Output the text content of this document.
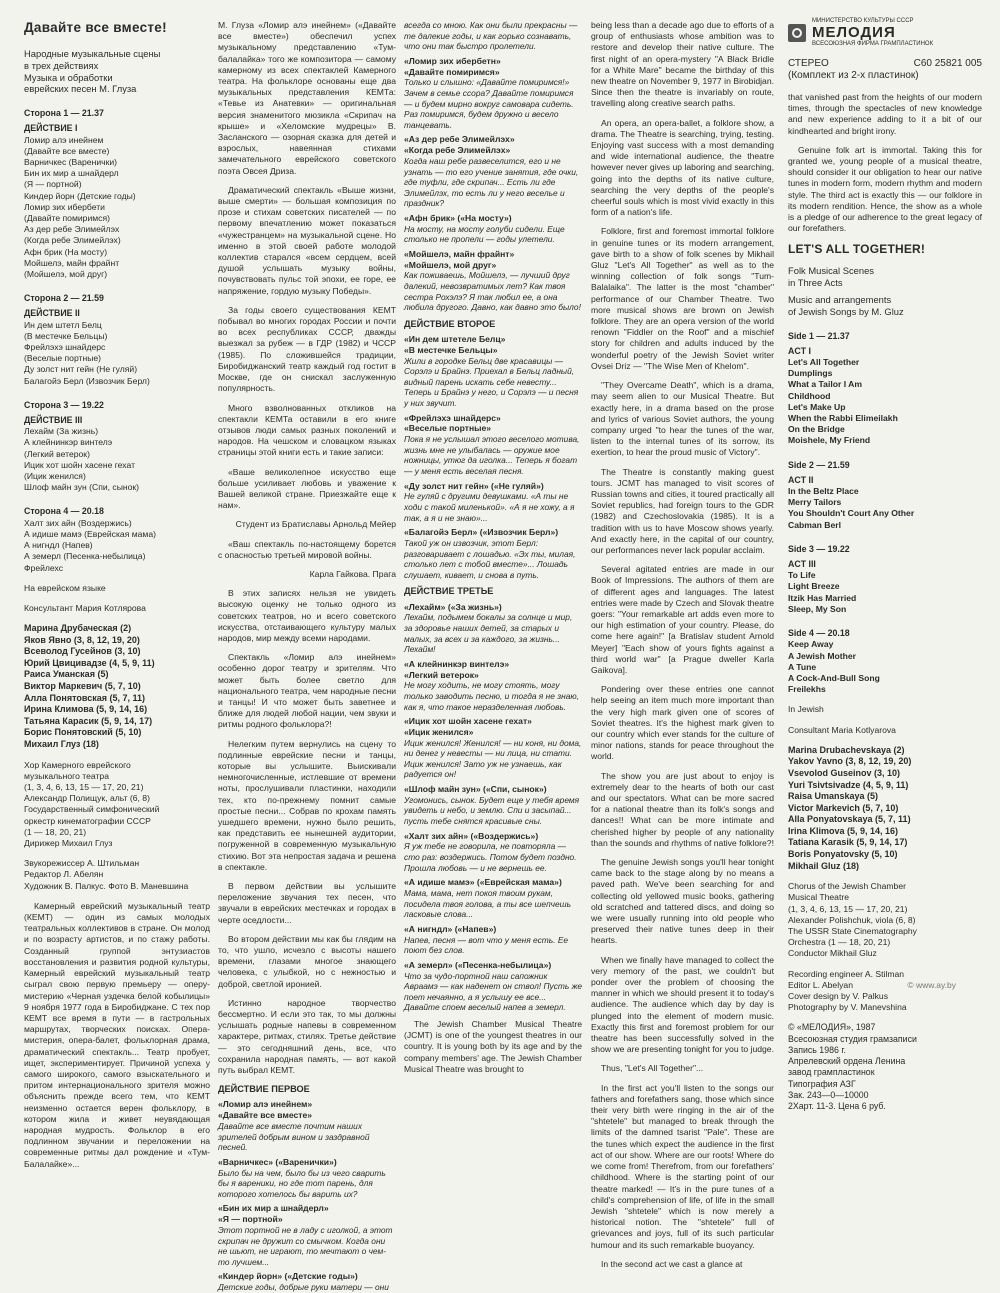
Давайте все вместе!
Народные музыкальные сцены
в трех действиях
Музыка и обработки
еврейских песен М. Глуза
Сторона 1 — 21.37
ДЕЙСТВИЕ I
Ломир алэ инейнем
(Давайте все вместе)
Варничкес (Варенички)
Бин их мир а шнайдерл
(Я — портной)
Киндер йорн (Детские годы)
Ломир зих ибербети
(Давайте помиримся)
Аз дер ребе Элимейлэх
(Когда ребе Элимейлэх)
Афн брик (На мосту)
Мойшелэ, майн фрайнт
(Мойшелэ, мой друг)
Сторона 2 — 21.59
ДЕЙСТВИЕ II
Ин дем штетл Белц
(В местечке Бельцы)
Фрейлэхэ шнайдерс
(Веселые портные)
Ду золст нит гейн (Не гуляй)
Балагойэ Берл (Извозчик Берл)
Сторона 3 — 19.22
ДЕЙСТВИЕ III
Лехайм (За жизнь)
А клейнинкэр винтелэ
(Легкий ветерок)
Ицик хот шойн хасене гехат
(Ицик женился)
Шлоф майн зун (Спи, сынок)
Сторона 4 — 20.18
Халт зих айн (Воздержись)
А идише мамэ (Еврейская мама)
А нигндл (Напев)
А земерл (Песенка-небылица)
Фрейлехс
На еврейском языке
Консультант Мария Котлярова
Марина Друбаческая (2)
Яков Явно (3, 8, 12, 19, 20)
Всеволод Гусейнов (3, 10)
Юрий Цвицивадзе (4, 5, 9, 11)
Раиса Уманская (5)
Виктор Маркевич (5, 7, 10)
Алла Понятовская (5, 7, 11)
Ирина Климова (5, 9, 14, 16)
Татьяна Карасик (5, 9, 14, 17)
Борис Понятовский (5, 10)
Михаил Глуз (18)
Хор Камерного еврейского
музыкального театра
(1, 3, 4, 6, 13, 15 — 17, 20, 21)
Александр Полищук, альт (6, 8)
Государственный симфонический
оркестр кинематографии СССР
(1 — 18, 20, 21)
Дирижер Михаил Глуз
Звукорежиссер А. Штильман
Редактор Л. Абелян
Художник В. Палкус. Фото В. Маневшина
Камерный еврейский музыкальный театр (КЕМТ) — один из самых молодых театральных коллективов в стране. Он молод и по возрасту артистов, и по стажу работы. Созданный группой энтузиастов восстановления и развития родной культуры, Камерный еврейский музыкальный театр сыграл свою первую премьеру — оперу-мистерию «Черная уздечка белой кобылицы» 9 ноября 1977 года в Биробиджане. С тех пор КЕМТ все время в пути — в гастрольных маршрутах, творческих поисках. Опера-мистерия, опера-балет, фольклорная драма, драматический спектакль... Театр пробует, ищет, экспериментирует. Причиной успеха у самого широкого, самого взыскательного и притом интернационального зрителя можно объяснить прежде всего тем, что КЕМТ неизменно остается верен фольклору, в котором жила и живет неувядающая народная мудрость. Фольклор в его подлинном звучании и переложении на современные ритмы дал рождение и «Тум-Балалайке»...
М. Глуза «Ломир алэ инейнем» («Давайте все вместе») обеспечил успех музыкальному представлению «Тум-балалайка» того же композитора — самому камерному из всех спектаклей Камерного театра. На фольклоре основаны еще два музыкальных представления КЕМТа: «Тевье из Анатевки» — оригинальная версия знаменитого мюзикла «Скрипач на крыше» и «Хеломские мудрецы» В. Засланского — озорная сказка для детей и взрослых, навеянная стихами замечательного еврейского советского поэта Овсея Дриза.
Драматический спектакль «Выше жизни, выше смерти» — большая композиция по прозе и стихам советских писателей — по первому впечатлению может показаться «чужестранцем» на музыкальной сцене. Но именно в этой своей работе молодой коллектив старался «всем сердцем, всей душой услышать музыку войны, почувствовать пульс той эпохи, ее горе, ее напряжение, гордую музыку Победы».
За годы своего существования КЕМТ побывал во многих городах России и почти во всех республиках СССР, дважды выезжал за рубеж — в ГДР (1982) и ЧССР (1985). По сложившейся традиции, Биробиджанский театр каждый год гостит в Москве, где он снискал заслуженную популярность.
Много взволнованных откликов на спектакли КЕМТа оставили в его книге отзывов люди самых разных поколений и народов. На чешском и словацком языках страницы этой книги есть и такие записи:
«Ваше великолепное искусство еще больше усиливает любовь и уважение к Вашей великой стране. Приезжайте еще к нам».
Студент из Братиславы Арнольд Мейер
«Ваш спектакль по-настоящему борется с опасностью третьей мировой войны.
Карла Гайкова. Прага
В этих записях нельзя не увидеть высокую оценку не только одного из советских театров, но и всего советского искусства, отстаивающего культуру малых народов, мир между всеми народами.
Спектакль «Ломир алэ инейнем» особенно дорог театру и зрителям. Что может быть более светло для национального театра, чем народные песни и танцы! И что может быть заветнее и ближе для людей любой нации, чем звуки и ритмы родного фольклора?!
Нелегким путем вернулись на сцену то подлинные еврейские песни и танцы, которые вы услышите. Выискивали немногочисленные, истлевшие от времени ноты, прослушивали пластинки, находили тех, кто по-прежнему помнит самые простые песни... Собрав по крохам память ушедшего времени, нужно было решить, как представить ее нынешней аудитории, погруженной в современную музыкальную стихию. Вот эта непростая задача и решена в спектакле.
В первом действии вы услышите переложение звучания тех песен, что звучали в еврейских местечках и городах в черте оседлости...
Во втором действии мы как бы глядим на то, что ушло, исчезло с высоты нашего времени, глазами многое знающего человека, с улыбкой, но с нежностью и доброй, светлой иронией.
Истинно народное творчество бессмертно. И если это так, то мы должны услышать родные напевы в современном характере, ритмах, стилях. Третье действие — это сегодняшний день, все, что сохранила народная память, — вот какой путь выбрал КЕМТ.
ДЕЙСТВИЕ ПЕРВОЕ
«Ломир алэ инейнем»
«Давайте все вместе»
Давайте все вместе почтим наших зрителей добрым вином и заздравной песней.
«Варничкес» («Варенички»)
Было бы на чем, было бы из чего сварить бы я вареники, но где тот парень, для которого хотелось бы варить их?
«Бин их мир а шнайдерл»
«Я — портной»
Этот портной не в ладу с иголкой, а этот скрипач не дружит со смычком. Когда они не шьют, не играют, то мечтают о чем-то лучшем...
«Киндер йорн» («Детские годы»)
Детские годы, добрые руки матери — они
всегда со мною. Как они были прекрасны — те далекие годы, и как горько сознавать, что они так быстро пролетели.
«Ломир зих ибербетн»
«Давайте помиримся»
Только и слышно: «Давайте помиримся!» Зачем в семье ссора? Давайте помиримся — и будем мирно вокруг самовара сидеть. Раз помиримся, будем дружно и весело танцевать.
«Аз дер ребе Элимейлэх»
«Когда ребе Элимейлэх»
Когда наш ребе развеселится, его и не узнать — то его учение занятия, где очки, где туфли, где скрипач... Есть ли где Элимейлэх, то есть ли у него веселье и праздник?
«Афн брик» («На мосту»)
На мосту, на мосту голуби сидели. Еще столько не пропели — годы улетели.
«Мойшелэ, майн фрайнт»
«Мойшелэ, мой друг»
Как поживаешь, Мойшелэ, — лучший друг далекий, невозвратимых лет? Как твоя сестра Рохэлэ? Я так любил ее, а она любила другого. Давно, как давно это было!
ДЕЙСТВИЕ ВТОРОЕ
«Ин дем штетеле Белц»
«В местечке Бельцы»
Жили в городке Бельц две красавицы — Сорэлэ и Брайнэ. Приехал в Бельц ладный, видный парень искать себе невесту... Теперь и Брайнэ у него, и Сорэлэ — и песня у них звучит.
«Фрейлэхэ шнайдерс»
«Веселые портные»
Пока я не услышал этого веселого мотива, жизнь мне не улыбалась — оружие мое ножницы, утюг да иголка... Теперь я богат — у меня есть веселая песня.
«Ду золст нит гейн» («Не гуляй»)
Не гуляй с другими девушками. «А ты не ходи с такой миленькой». «А я не хожу, а я так, а я и не знаю»...
«Балагойэ Берл» («Извозчик Берл»)
Такой уж он извозчик, этот Берл: разговаривает с лошадью. «Эх ты, милая, столько лет с тобой вместе»... Лошадь слушает, кивает, и снова в путь.
ДЕЙСТВИЕ ТРЕТЬЕ
«Лехайм» («За жизнь»)
Лехайм, подымем бокалы за солнце и мир, за здоровье наших детей, за старых и малых, за всех и за каждого, за жизнь... Лехайм!
«А клейнинкэр винтелэ»
«Легкий ветерок»
Не могу ходить, не могу стоять, могу только заводить песню, и тогда я не знаю, как я, что такое неразделенная любовь.
«Ицик хот шойн хасене гехат»
«Ицик женился»
Ицик женился! Женился! — ни коня, ни дома, ни денег у невесты — ни лица, ни стати. Ицик женился! Зато уж не узнаешь, как радуется он!
«Шлоф майн зун» («Спи, сынок»)
Угомонись, сынок. Будет еще у тебя время увидеть и небо, и землю. Спи и засыпай... пусть тебе снятся красивые сны.
«Халт зих айн» («Воздержись»)
Я уж тебе не говорила, не повторяла — сто раз: воздержись. Потом будет поздно. Прошла любовь — и не вернешь ее.
«А идише мамэ» («Еврейская мама»)
Мама, мама, нет покоя твоим рукам, посидела твоя голова, а ты все шепчешь ласковые слова...
«А нигндл» («Напев»)
Напев, песня — вот что у меня есть. Ее поют без слов.
«А земерл» («Песенка-небылица»)
Что за чудо-портной наш сапожник Авраамэ — как наденет он ствол! Пусть же поет нечаянно, а я услышу ее все... Давайте споем веселый напев а земерл.
The Jewish Chamber Musical Theatre (JCMT) is one of the youngest theatres in our country. It is young both by its age and by the company members' age. The Jewish Chamber Musical Theatre was brought to
being less than a decade ago due to efforts of a group of enthusiasts whose ambition was to restore and develop their native culture. The first night of an opera-mystery "A Black Bridle for a White Mare" became the birthday of this new theatre on November 9, 1977 in Birobidjan. Since then the theatre is invariably on route, travelling along creative search paths.
An opera, an opera-ballet, a folklore show, a drama. The Theatre is searching, trying, testing. Enjoying vast success with a most demanding and wide international audience, the theatre however never gives up laboring and searching, going into the depths of its native culture, searching the very depths of the people's cheerful souls which is most vivid exactly in this form of a nation's life.
Folklore, first and foremost immortal folklore in genuine tunes or its modern arrangement, gave birth to a show of folk scenes by Mikhail Gluz "Let's All Together" as well as to the winning collection of folk songs "Tum-Balalaika". The latter is the most "chamber" performance of our Chamber Theatre. Two more musical shows are brown on Jewish folklore. They are an opera version of the world renown "Fiddler on the Roof" and a mischief story for children and adults induced by the wonderful poetry of the Jewish Soviet writer Ovsei Driz — "The Wise Men of Khelom".
"They Overcame Death", which is a drama, may seem alien to our Musical Theatre. But exactly here, in a drama based on the prose and lyrics of various Soviet authors, the young company urged "to hear the tunes of the war, listen to the internal tunes of its sorrow, its exertion, to hear the proud music of Victory".
The Theatre is constantly making guest tours. JCMT has managed to visit scores of Russian towns and cities, it toured practically all Soviet republics, had foreign tours to the GDR (1982) and Czechoslovakia (1985). It is a tradition with us to have Moscow shows yearly. And exactly here, in the capital of our country, our performances never lack popular acclaim.
Several agitated entries are made in our Book of Impressions. The authors of them are of different ages and languages. The latest entries were made by Czech and Slovak theatre goers: "Your remarkable art adds even more to our high estimation of your country. Please, do come here again!" [a Bratislav student Arnold Meyer] "Each show of yours fights against a third world war" [a Prague dweller Karla Gaikova].
Pondering over these entries one cannot help seeing an item much more important than the very high mark given one of scores of Soviet theatres. It's the highest mark given to our country which ever stands for the culture of minor nations, stands for peace throughout the world.
The show you are just about to enjoy is extremely dear to the hearts of both our cast and our spectators. What can be more sacred for a national theatre than its folk's songs and dances!! What can be more intimate and cherished higher by people of any nationality than the sounds and rhythms of native folklore?!
The genuine Jewish songs you'll hear tonight came back to the stage along by no means a paved path. We've been searching for and collecting old yellowed music books, gathering old scratched and tattered discs, and doing so we were usually running into old people who preserved their native tunes deep in their hearts.
When we finally have managed to collect the very memory of the past, we couldn't but ponder over the problem of choosing the manner in which we should present it to today's audience. The audience which day by day is plunged into the element of modern music. Exactly this first and foremost problem for our theatre has been successfully solved in the show we are presenting tonight for you to judge.
Thus, "Let's All Together"...
In the first act you'll listen to the songs our fathers and forefathers sang, those which since their very birth were ringing in the air of the "shtetele" but managed to break through the limits of the damned tsarist "Pale". These are the tunes which expect the audience in the first act of our show. Where are our roots! Where do we come from! Therefrom, from our forefathers' childhood. Where is the starting point of our theatre marked! — It's in the pure tunes of a child's comprehension of life, of life in the small Jewish "shtetele" which is now merely a historical notion. The "shtetele" full of grievances and joys, full of its such particular humour and its such remarkable buoyancy.
In the second act we cast a glance at
МИНИСТЕРСТВО КУЛЬТУРЫ СССР
МЕЛОДИЯ
ВСЕСОЮЗНАЯ ФИРМА ГРАМПЛАСТИНОК
СТЕРЕО	С60 25821 005
(Комплект из 2-х пластинок)
that vanished past from the heights of our modern times, through the spectacles of new knowledge and new experience adding to it a bit of our kindhearted and bright irony.
Genuine folk art is immortal. Taking this for granted we, young people of a musical theatre, should consider it our obligation to hear our native tunes in modern form, modern rhythm and modern style. The third act is exactly this — our folklore in its modern rendition. Hence, the show as a whole is a pledge of our adherence to the great legacy of our forefathers.
LET'S ALL TOGETHER!
Folk Musical Scenes
in Three Acts
Music and arrangements
of Jewish Songs by M. Gluz
Side 1 — 21.37
ACT I
Let's All Together
Dumplings
What a Tailor I Am
Childhood
Let's Make Up
When the Rabbi Elimeilakh
On the Bridge
Moishele, My Friend
Side 2 — 21.59
ACT II
In the Beltz Place
Merry Tailors
You Shouldn't Court Any Other
Cabman Berl
Side 3 — 19.22
ACT III
To Life
Light Breeze
Itzik Has Married
Sleep, My Son
Side 4 — 20.18
Keep Away
A Jewish Mother
A Tune
A Cock-And-Bull Song
Freilekhs
In Jewish
Consultant Maria Kotlyarova
Marina Drubachevskaya (2)
Yakov Yavno (3, 8, 12, 19, 20)
Vsevolod Guseinov (3, 10)
Yuri Tsivtsivadze (4, 5, 9, 11)
Raisa Umanskaya (5)
Victor Markevich (5, 7, 10)
Alla Ponyatovskaya (5, 7, 11)
Irina Klimova (5, 9, 14, 16)
Tatiana Karasik (5, 9, 14, 17)
Boris Ponyatovsky (5, 10)
Mikhail Gluz (18)
Chorus of the Jewish Chamber
Musical Theatre
(1, 3, 4, 6, 13, 15 — 17, 20, 21)
Alexander Polishchuk, viola (6, 8)
The USSR State Cinematography
Orchestra (1 — 18, 20, 21)
Conductor Mikhail Gluz
Recording engineer A. Stilman
Editor L. Abelyan
Cover design by V. Palkus
Photography by V. Manevshina
© «МЕЛОДИЯ», 1987
Всесоюзная студия грамзаписи
Запись 1986 г.
Апрелевский ордена Ленина
завод грампластинок
Типография АЗГ
Зак. 243—0—10000
2Харт. 11-3. Цена 6 руб.
© www.ay.by
